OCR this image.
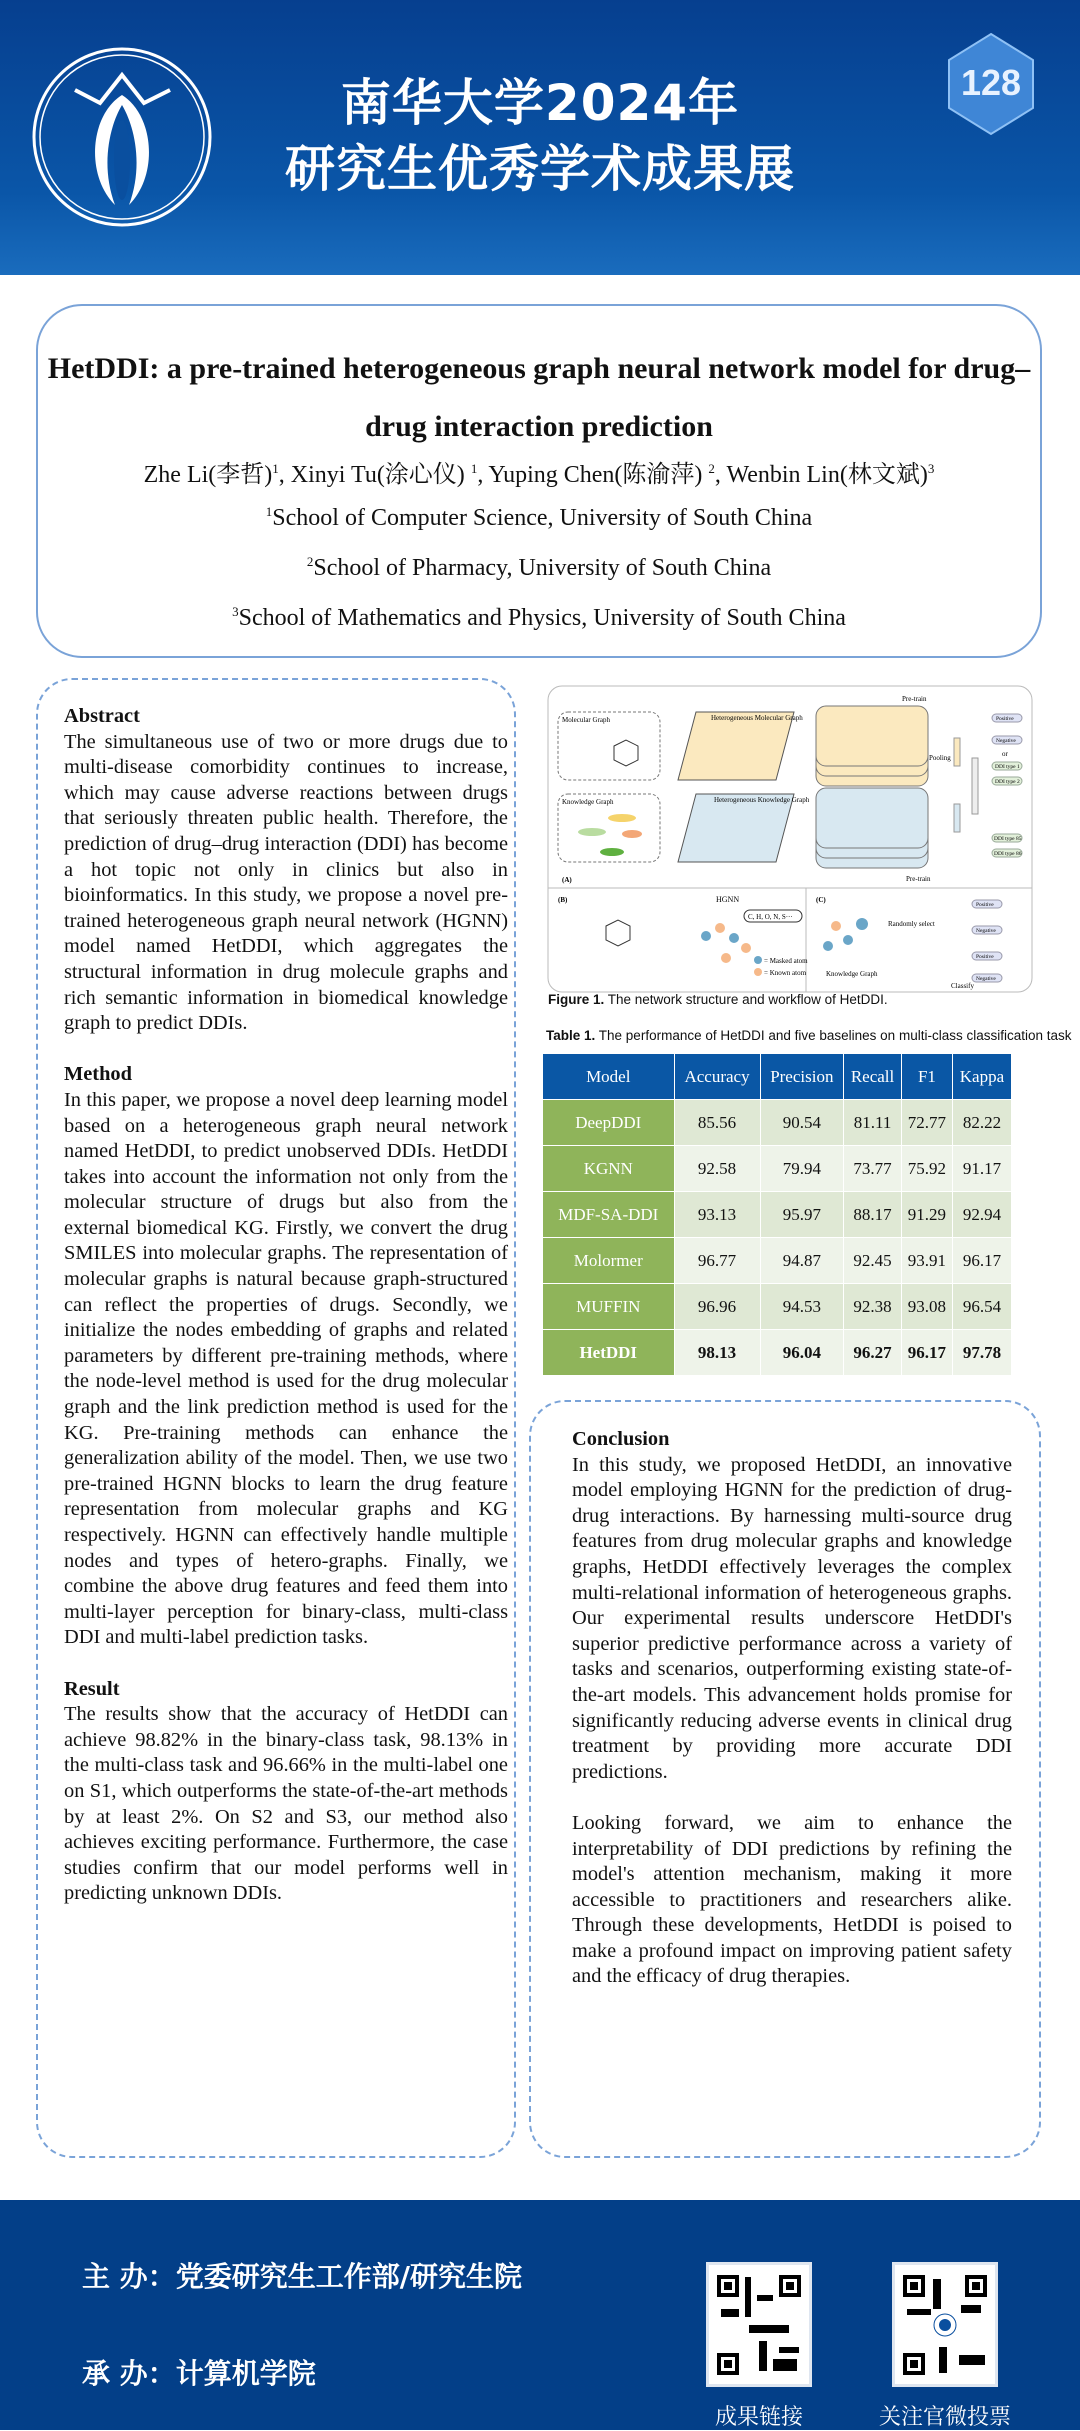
南华大学2024年
研究生优秀学术成果展
128
HetDDI: a pre-trained heterogeneous graph neural network model for drug–drug interaction prediction
Zhe Li(李哲)$^1$, Xinyi Tu(涂心仪) $^1$, Yuping Chen(陈渝萍) $^2$, Wenbin Lin(林文斌)$^3$
$^1$School of Computer Science, University of South China
$^2$School of Pharmacy, University of South China
$^3$School of Mathematics and Physics, University of South China
Abstract

The simultaneous use of two or more drugs due to multi-disease comorbidity continues to increase, which may cause adverse reactions between drugs that seriously threaten public health. Therefore, the prediction of drug–drug interaction (DDI) has become a hot topic not only in clinics but also in bioinformatics. In this study, we propose a novel pre-trained heterogeneous graph neural network (HGNN) model named HetDDI, which aggregates the structural information in drug molecule graphs and rich semantic information in biomedical knowledge graph to predict DDIs.

Method

In this paper, we propose a novel deep learning model based on a heterogeneous graph neural network named HetDDI, to predict unobserved DDIs. HetDDI takes into account the information not only from the molecular structure of drugs but also from the external biomedical KG. Firstly, we convert the drug SMILES into molecular graphs. The representation of molecular graphs is natural because graph-structured can reflect the properties of drugs. Secondly, we initialize the nodes embedding of graphs and related parameters by different pre-training methods, where the node-level method is used for the drug molecular graph and the link prediction method is used for the KG. Pre-training methods can enhance the generalization ability of the model. Then, we use two pre-trained HGNN blocks to learn the drug feature representation from molecular graphs and KG respectively. HGNN can effectively handle multiple nodes and types of hetero-graphs. Finally, we combine the above drug features and feed them into multi-layer perception for binary-class, multi-class DDI and multi-label prediction tasks.

Result

The results show that the accuracy of HetDDI can achieve 98.82% in the binary-class task, 98.13% in the multi-class task and 96.66% in the multi-label one on S1, which outperforms the state-of-the-art methods by at least 2%. On S2 and S3, our method also achieves exciting performance. Furthermore, the case studies confirm that our model performs well in predicting unknown DDIs.

Molecular Graph
Knowledge Graph
Heterogeneous Molecular Graph
Heterogeneous Knowledge Graph
Pre-train
Pre-train
Pooling
Positive
Negative
or
DDI type 1
DDI type 2
DDI type 85
DDI type 86
(A)
(B)	(C)
HGNN
C, H, O, N, S···
= Masked atom
= Known atom	Knowledge Graph
Randomly select
Classify
Positive
Negative
Positive
Negative
Figure 1. The network structure and workflow of HetDDI.
Table 1. The performance of HetDDI and five baselines on multi-class classification task
Model	Accuracy	Precision	Recall	F1	Kappa
DeepDDI	85.56	90.54	81.11	72.77	82.22
KGNN	92.58	79.94	73.77	75.92	91.17
MDF-SA-DDI	93.13	95.97	88.17	91.29	92.94
Molormer	96.77	94.87	92.45	93.91	96.17
MUFFIN	96.96	94.53	92.38	93.08	96.54
HetDDI	98.13	96.04	96.27	96.17	97.78
Conclusion

In this study, we proposed HetDDI, an innovative model employing HGNN for the prediction of drug-drug interactions. By harnessing multi-source drug features from drug molecular graphs and knowledge graphs, HetDDI effectively leverages the complex multi-relational information of heterogeneous graphs. Our experimental results underscore HetDDI's superior predictive performance across a variety of tasks and scenarios, outperforming existing state-of-the-art models. This advancement holds promise for significantly reducing adverse events in clinical drug treatment by providing more accurate DDI predictions.

Looking forward, we aim to enhance the interpretability of DDI predictions by refining the model's attention mechanism, making it more accessible to practitioners and researchers alike. Through these developments, HetDDI is poised to make a profound impact on improving patient safety and the efficacy of drug therapies.

主 办：党委研究生工作部/研究生院
承 办：计算机学院
成果链接	关注官微投票
